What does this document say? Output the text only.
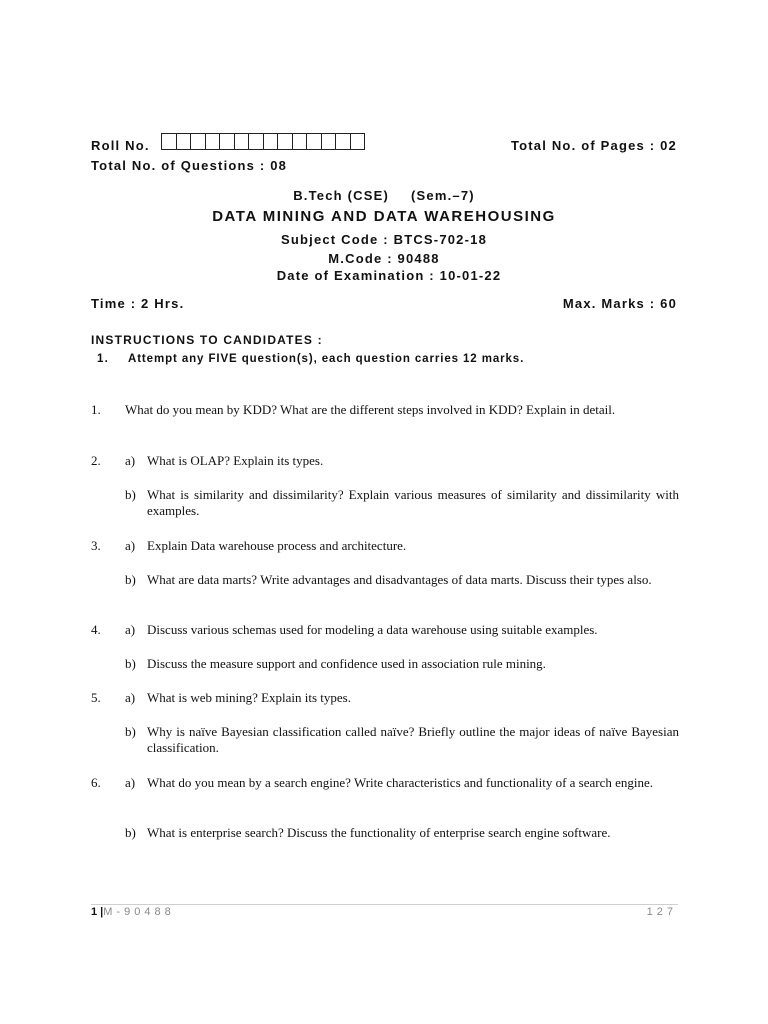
Roll No.	Total No. of Pages : 02
Total No. of Questions : 08
B.Tech (CSE) (Sem.–7)
DATA MINING AND DATA WAREHOUSING
Subject Code : BTCS-702-18
M.Code : 90488
Date of Examination : 10-01-22
Time : 2 Hrs.	Max. Marks : 60
INSTRUCTIONS TO CANDIDATES :
1. Attempt any FIVE question(s), each question carries 12 marks.
1. What do you mean by KDD? What are the different steps involved in KDD? Explain in detail.
2. a) What is OLAP? Explain its types.
b) What is similarity and dissimilarity? Explain various measures of similarity and dissimilarity with examples.
3. a) Explain Data warehouse process and architecture.
b) What are data marts? Write advantages and disadvantages of data marts. Discuss their types also.
4. a) Discuss various schemas used for modeling a data warehouse using suitable examples.
b) Discuss the measure support and confidence used in association rule mining.
5. a) What is web mining? Explain its types.
b) Why is naïve Bayesian classification called naïve? Briefly outline the major ideas of naïve Bayesian classification.
6. a) What do you mean by a search engine? Write characteristics and functionality of a search engine.
b) What is enterprise search? Discuss the functionality of enterprise search engine software.
1 |M-90488	127
